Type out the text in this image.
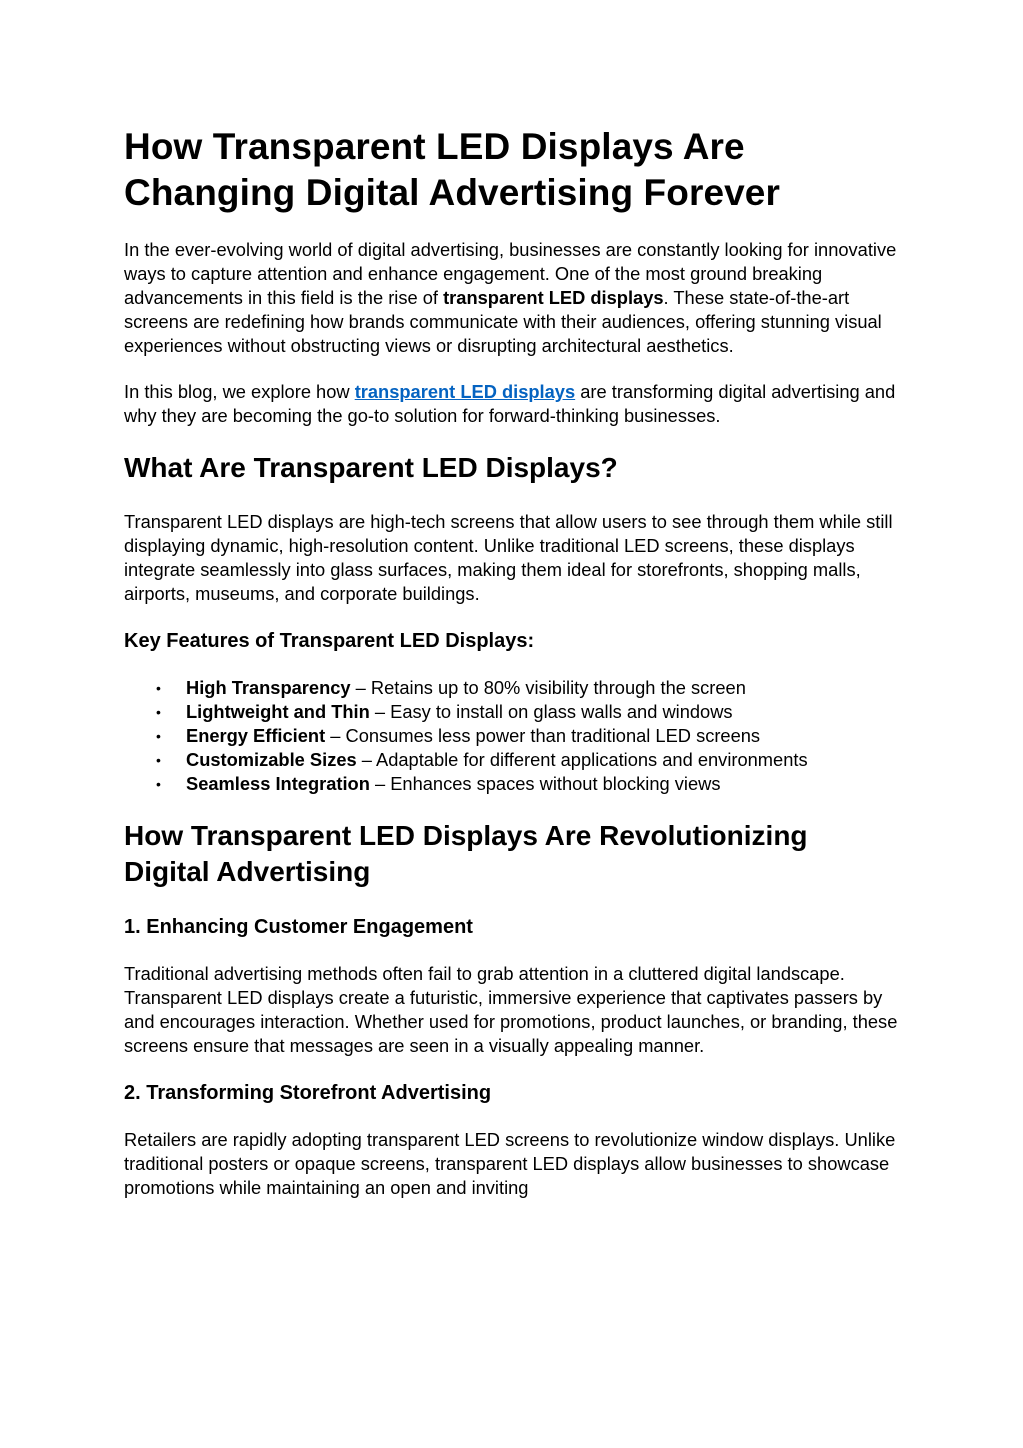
How Transparent LED Displays Are
Changing Digital Advertising Forever

In the ever-evolving world of digital advertising, businesses are constantly looking for innovative ways to capture attention and enhance engagement. One of the most ground breaking advancements in this field is the rise of transparent LED displays. These state-of-the-art screens are redefining how brands communicate with their audiences, offering stunning visual experiences without obstructing views or disrupting architectural aesthetics.

In this blog, we explore how transparent LED displays are transforming digital advertising and why they are becoming the go-to solution for forward-thinking businesses.

What Are Transparent LED Displays?

Transparent LED displays are high-tech screens that allow users to see through them while still displaying dynamic, high-resolution content. Unlike traditional LED screens, these displays integrate seamlessly into glass surfaces, making them ideal for storefronts, shopping malls, airports, museums, and corporate buildings.

Key Features of Transparent LED Displays:
• High Transparency – Retains up to 80% visibility through the screen
• Lightweight and Thin – Easy to install on glass walls and windows
• Energy Efficient – Consumes less power than traditional LED screens
• Customizable Sizes – Adaptable for different applications and environments
• Seamless Integration – Enhances spaces without blocking views
How Transparent LED Displays Are Revolutionizing
Digital Advertising
1. Enhancing Customer Engagement

Traditional advertising methods often fail to grab attention in a cluttered digital landscape. Transparent LED displays create a futuristic, immersive experience that captivates passers by and encourages interaction. Whether used for promotions, product launches, or branding, these screens ensure that messages are seen in a visually appealing manner.

2. Transforming Storefront Advertising

Retailers are rapidly adopting transparent LED screens to revolutionize window displays. Unlike traditional posters or opaque screens, transparent LED displays allow businesses to showcase promotions while maintaining an open and inviting
